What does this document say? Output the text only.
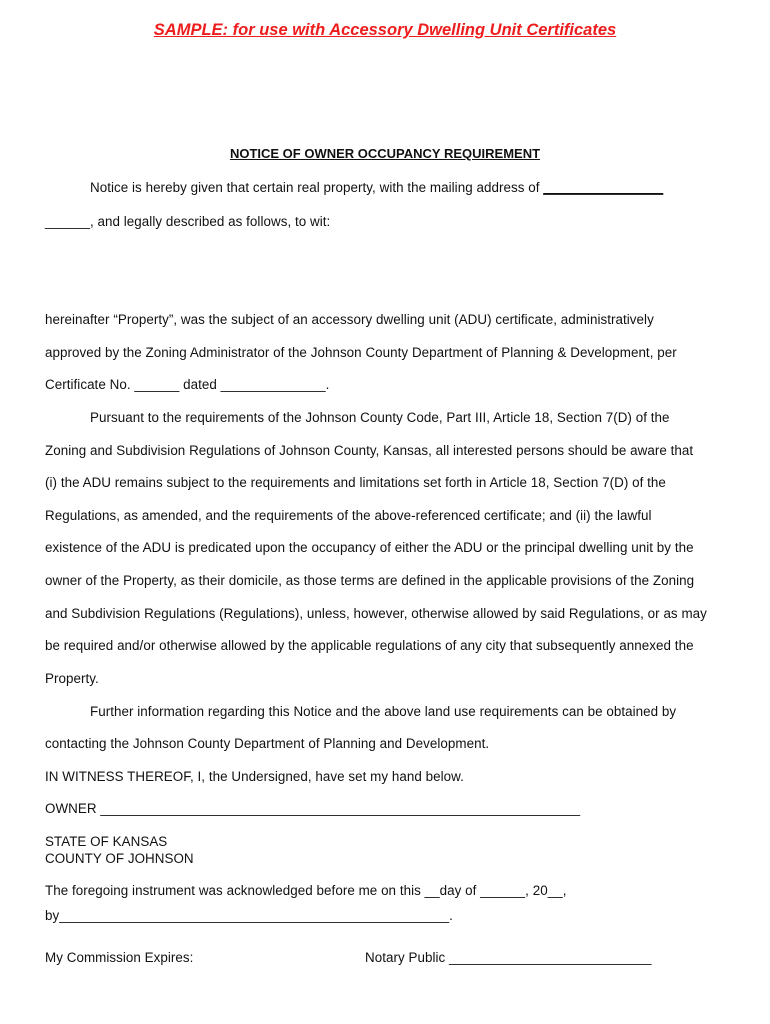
SAMPLE: for use with Accessory Dwelling Unit Certificates
NOTICE OF OWNER OCCUPANCY REQUIREMENT
Notice is hereby given that certain real property, with the mailing address of ________________
______, and legally described as follows, to wit:
hereinafter “Property”, was the subject of an accessory dwelling unit (ADU) certificate, administratively
approved by the Zoning Administrator of the Johnson County Department of Planning & Development, per
Certificate No. ______ dated ______________.
Pursuant to the requirements of the Johnson County Code, Part III, Article 18, Section 7(D) of the
Zoning and Subdivision Regulations of Johnson County, Kansas, all interested persons should be aware that
(i) the ADU remains subject to the requirements and limitations set forth in Article 18, Section 7(D) of the
Regulations, as amended, and the requirements of the above-referenced certificate; and (ii) the lawful
existence of the ADU is predicated upon the occupancy of either the ADU or the principal dwelling unit by the
owner of the Property, as their domicile, as those terms are defined in the applicable provisions of the Zoning
and Subdivision Regulations (Regulations), unless, however, otherwise allowed by said Regulations, or as may
be required and/or otherwise allowed by the applicable regulations of any city that subsequently annexed the
Property.
Further information regarding this Notice and the above land use requirements can be obtained by
contacting the Johnson County Department of Planning and Development.
IN WITNESS THEREOF, I, the Undersigned, have set my hand below.
OWNER ________________________________________________________________
STATE OF KANSAS
COUNTY OF JOHNSON
The foregoing instrument was acknowledged before me on this __day of ______, 20__,
by____________________________________________________.
My Commission Expires:	Notary Public ___________________________
